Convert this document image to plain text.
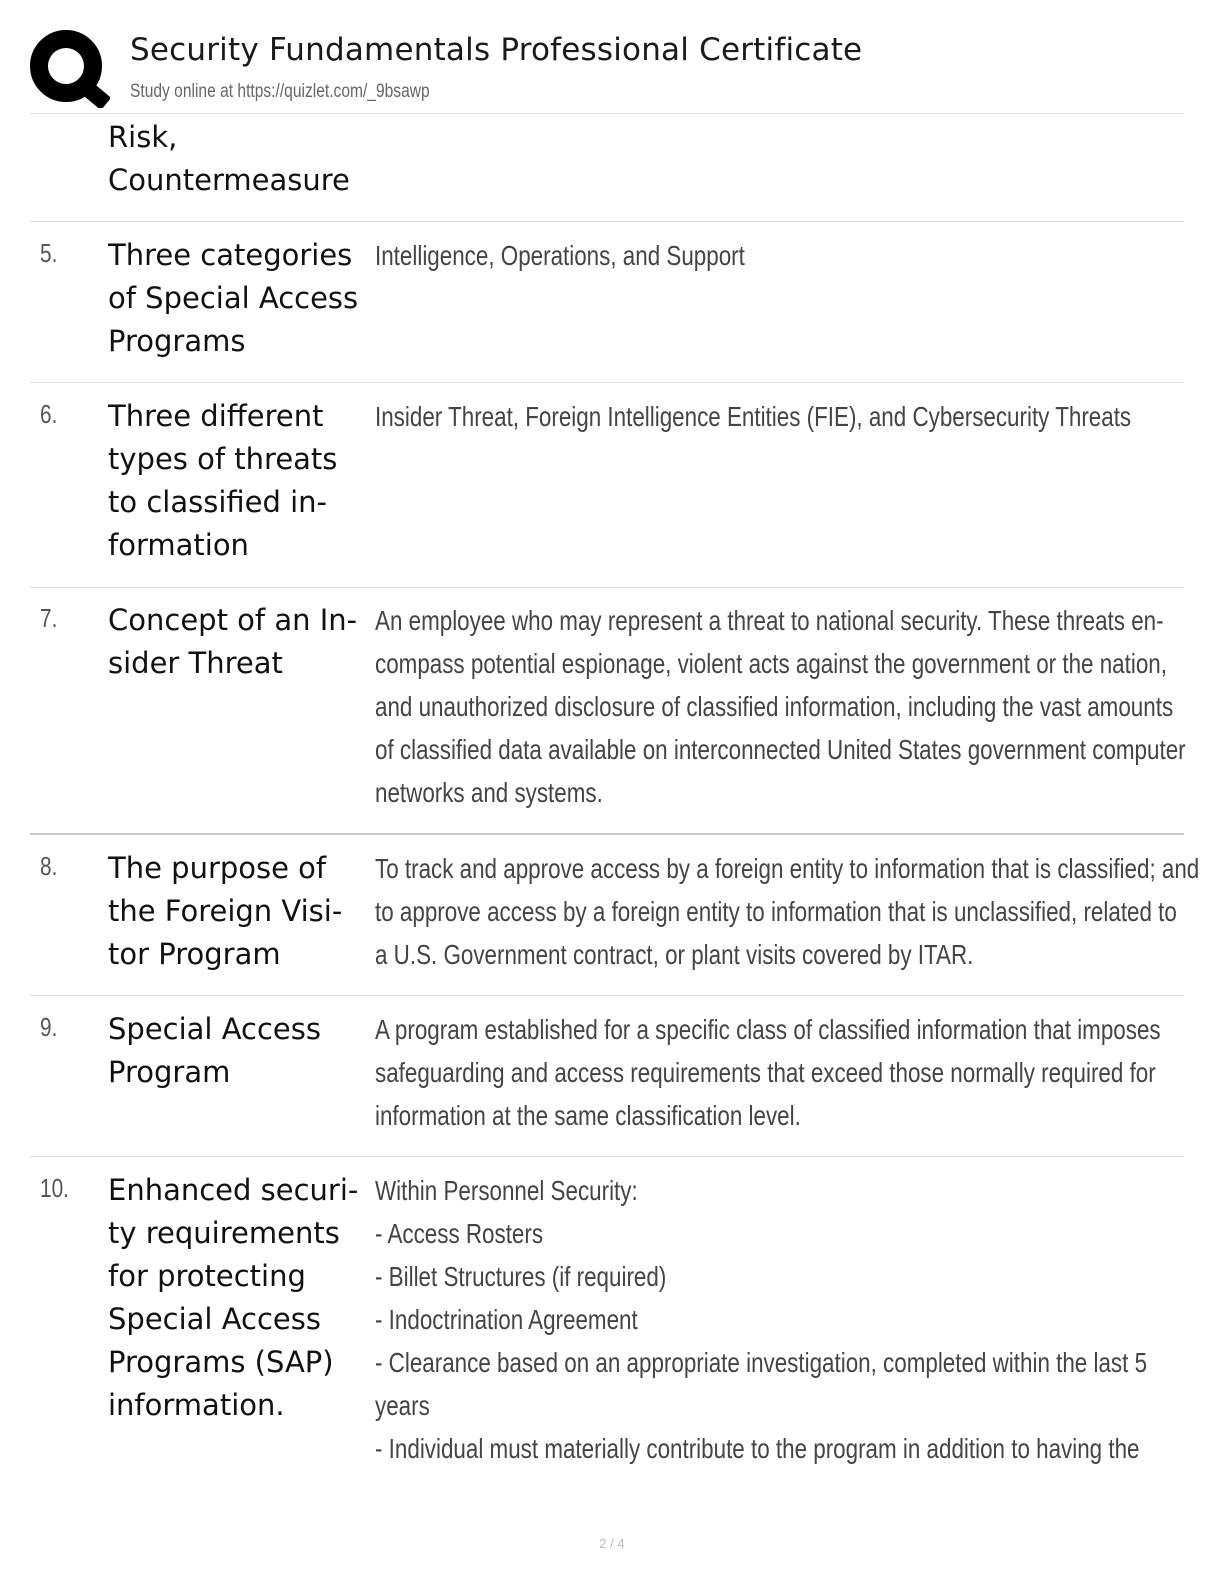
Security Fundamentals Professional Certificate
Study online at https://quizlet.com/_9bsawp
Risk,
Countermeasure
5. Three categories
of Special Access
Programs
Intelligence, Operations, and Support
6. Three different
types of threats
to classified in-
formation
Insider Threat, Foreign Intelligence Entities (FIE), and Cybersecurity Threats
7. Concept of an In-
sider Threat
An employee who may represent a threat to national security. These threats en-
compass potential espionage, violent acts against the government or the nation,
and unauthorized disclosure of classified information, including the vast amounts
of classified data available on interconnected United States government computer
networks and systems.
8. The purpose of
the Foreign Visi-
tor Program
To track and approve access by a foreign entity to information that is classified; and
to approve access by a foreign entity to information that is unclassified, related to
a U.S. Government contract, or plant visits covered by ITAR.
9. Special Access
Program
A program established for a specific class of classified information that imposes
safeguarding and access requirements that exceed those normally required for
information at the same classification level.
10. Enhanced securi-
ty requirements
for protecting
Special Access
Programs (SAP)
information.
Within Personnel Security:
- Access Rosters
- Billet Structures (if required)
- Indoctrination Agreement
- Clearance based on an appropriate investigation, completed within the last 5
years
- Individual must materially contribute to the program in addition to having the
2 / 4
